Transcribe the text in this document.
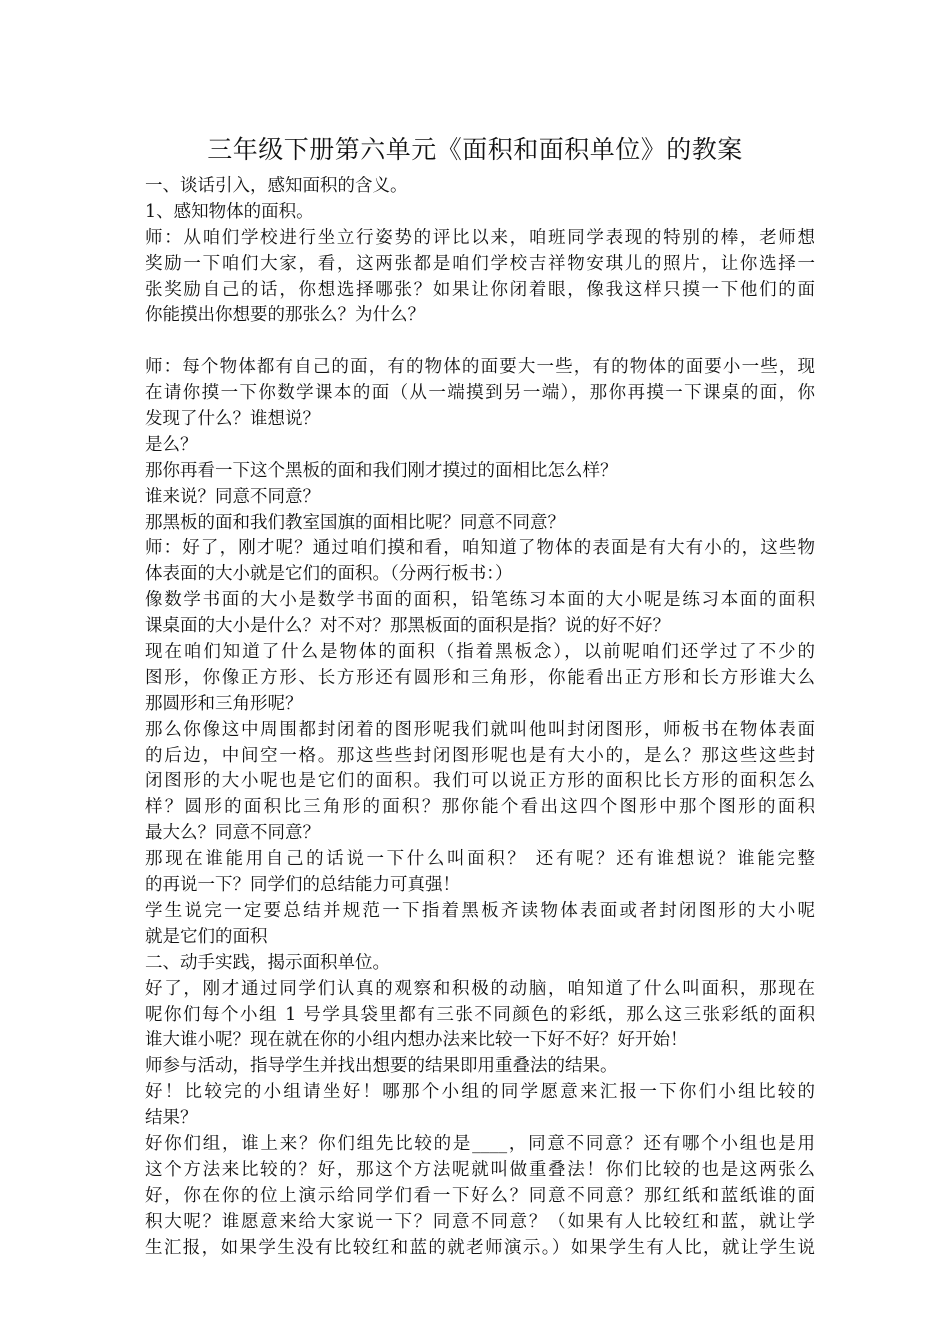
三年级下册第六单元《面积和面积单位》的教案
一、谈话引入，感知面积的含义。
1、感知物体的面积。
师：从咱们学校进行坐立行姿势的评比以来，咱班同学表现的特别的棒，老师想
奖励一下咱们大家，看，这两张都是咱们学校吉祥物安琪儿的照片，让你选择一
张奖励自己的话，你想选择哪张？如果让你闭着眼，像我这样只摸一下他们的面
你能摸出你想要的那张么？为什么？
师：每个物体都有自己的面，有的物体的面要大一些，有的物体的面要小一些，现
在请你摸一下你数学课本的面（从一端摸到另一端），那你再摸一下课桌的面，你
发现了什么？谁想说？
是么？
那你再看一下这个黑板的面和我们刚才摸过的面相比怎么样？
谁来说？同意不同意？
那黑板的面和我们教室国旗的面相比呢？同意不同意？
师：好了，刚才呢？通过咱们摸和看，咱知道了物体的表面是有大有小的，这些物
体表面的大小就是它们的面积。（分两行板书：）
像数学书面的大小是数学书面的面积，铅笔练习本面的大小呢是练习本面的面积
课桌面的大小是什么？对不对？那黑板面的面积是指？说的好不好？
现在咱们知道了什么是物体的面积（指着黑板念），以前呢咱们还学过了不少的
图形，你像正方形、长方形还有圆形和三角形，你能看出正方形和长方形谁大么
那圆形和三角形呢？
那么你像这中周围都封闭着的图形呢我们就叫他叫封闭图形，师板书在物体表面
的后边，中间空一格。那这些些封闭图形呢也是有大小的，是么？那这些这些封
闭图形的大小呢也是它们的面积。我们可以说正方形的面积比长方形的面积怎么
样？圆形的面积比三角形的面积？那你能个看出这四个图形中那个图形的面积
最大么？同意不同意？
那现在谁能用自己的话说一下什么叫面积？ 还有呢？还有谁想说？谁能完整
的再说一下？同学们的总结能力可真强！
学生说完一定要总结并规范一下指着黑板齐读物体表面或者封闭图形的大小呢
就是它们的面积
二、动手实践，揭示面积单位。
好了，刚才通过同学们认真的观察和积极的动脑，咱知道了什么叫面积，那现在
呢你们每个小组 1 号学具袋里都有三张不同颜色的彩纸，那么这三张彩纸的面积
谁大谁小呢？现在就在你的小组内想办法来比较一下好不好？好开始！
师参与活动，指导学生并找出想要的结果即用重叠法的结果。
好！比较完的小组请坐好！哪那个小组的同学愿意来汇报一下你们小组比较的
结果？
好你们组，谁上来？你们组先比较的是____，同意不同意？还有哪个小组也是用
这个方法来比较的？好，那这个方法呢就叫做重叠法！你们比较的也是这两张么
好，你在你的位上演示给同学们看一下好么？同意不同意？那红纸和蓝纸谁的面
积大呢？谁愿意来给大家说一下？同意不同意？（如果有人比较红和蓝，就让学
生汇报，如果学生没有比较红和蓝的就老师演示。）如果学生有人比，就让学生说
